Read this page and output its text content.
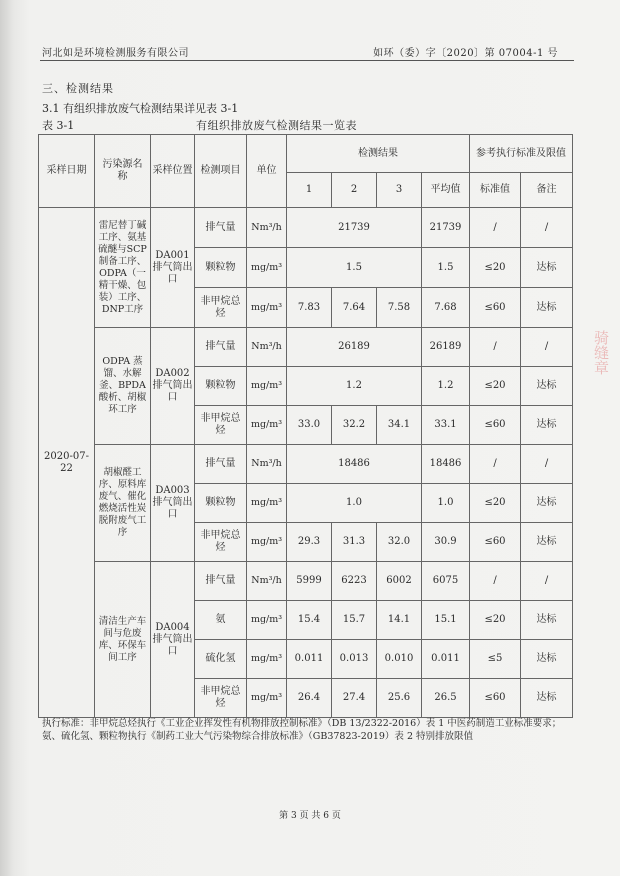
河北如是环境检测服务有限公司	如环（委）字〔2020〕第 07004-1 号
三、检测结果
3.1 有组织排放废气检测结果详见表 3-1
表 3-1	有组织排放废气检测结果一览表
采样日期	污染源名 称	采样位置	检测项目	单位	检测结果				参考执行标准及限值	
					1	2	3	平均值	标准值	备注
2020-07-22	雷尼替丁碱工序、氨基硫醚与SCP制备工序、ODPA（一精干燥、包装）工序、DNP工序	DA001排气筒出口	排气量	Nm³/h	21739			21739	/	/
			颗粒物	mg/m³	1.5			1.5	≤20	达标
			非甲烷总烃	mg/m³	7.83	7.64	7.58	7.68	≤60	达标
	ODPA 蒸馏、水解釜、BPDA酸析、胡椒环工序	DA002排气筒出口	排气量	Nm³/h	26189			26189	/	/
			颗粒物	mg/m³	1.2			1.2	≤20	达标
			非甲烷总烃	mg/m³	33.0	32.2	34.1	33.1	≤60	达标
	胡椒醛工序、原料库废气、催化燃烧活性炭脱附废气工序	DA003排气筒出口	排气量	Nm³/h	18486			18486	/	/
			颗粒物	mg/m³	1.0			1.0	≤20	达标
			非甲烷总烃	mg/m³	29.3	31.3	32.0	30.9	≤60	达标
	清洁生产车间与危废库、环保车间工序	DA004排气筒出口	排气量	Nm³/h	5999	6223	6002	6075	/	/
			氨	mg/m³	15.4	15.7	14.1	15.1	≤20	达标
			硫化氢	mg/m³	0.011	0.013	0.010	0.011	≤5	达标
			非甲烷总烃	mg/m³	26.4	27.4	25.6	26.5	≤60	达标
执行标准：非甲烷总烃执行《工业企业挥发性有机物排放控制标准》（DB 13/2322-2016）表 1 中医药制造工业标准要求；氨、硫化氢、颗粒物执行《制药工业大气污染物综合排放标准》（GB37823-2019）表 2 特别排放限值
第 3 页 共 6 页
骑缝章
